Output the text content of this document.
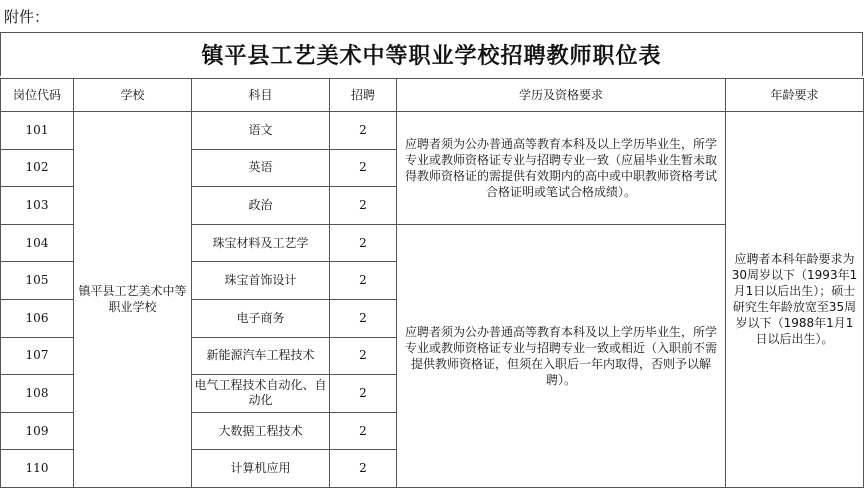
附件：
镇平县工艺美术中等职业学校招聘教师职位表
岗位代码	学校	科目	招聘	学历及资格要求	年龄要求
101	镇平县工艺美术中等职业学校	语文	2	应聘者须为公办普通高等教育本科及以上学历毕业生，所学专业或教师资格证专业与招聘专业一致（应届毕业生暂未取得教师资格证的需提供有效期内的高中或中职教师资格考试合格证明或笔试合格成绩）。	应聘者本科年龄要求为30周岁以下（1993年1月1日以后出生）；硕士研究生年龄放宽至35周岁以下（1988年1月1日以后出生）。
102		英语	2		
103		政治	2		
104		珠宝材料及工艺学	2	应聘者须为公办普通高等教育本科及以上学历毕业生，所学专业或教师资格证专业与招聘专业一致或相近（入职前不需提供教师资格证，但须在入职后一年内取得，否则予以解聘）。	
105		珠宝首饰设计	2		
106		电子商务	2		
107		新能源汽车工程技术	2		
108		电气工程技术自动化、自动化	2		
109		大数据工程技术	2		
110		计算机应用	2		
